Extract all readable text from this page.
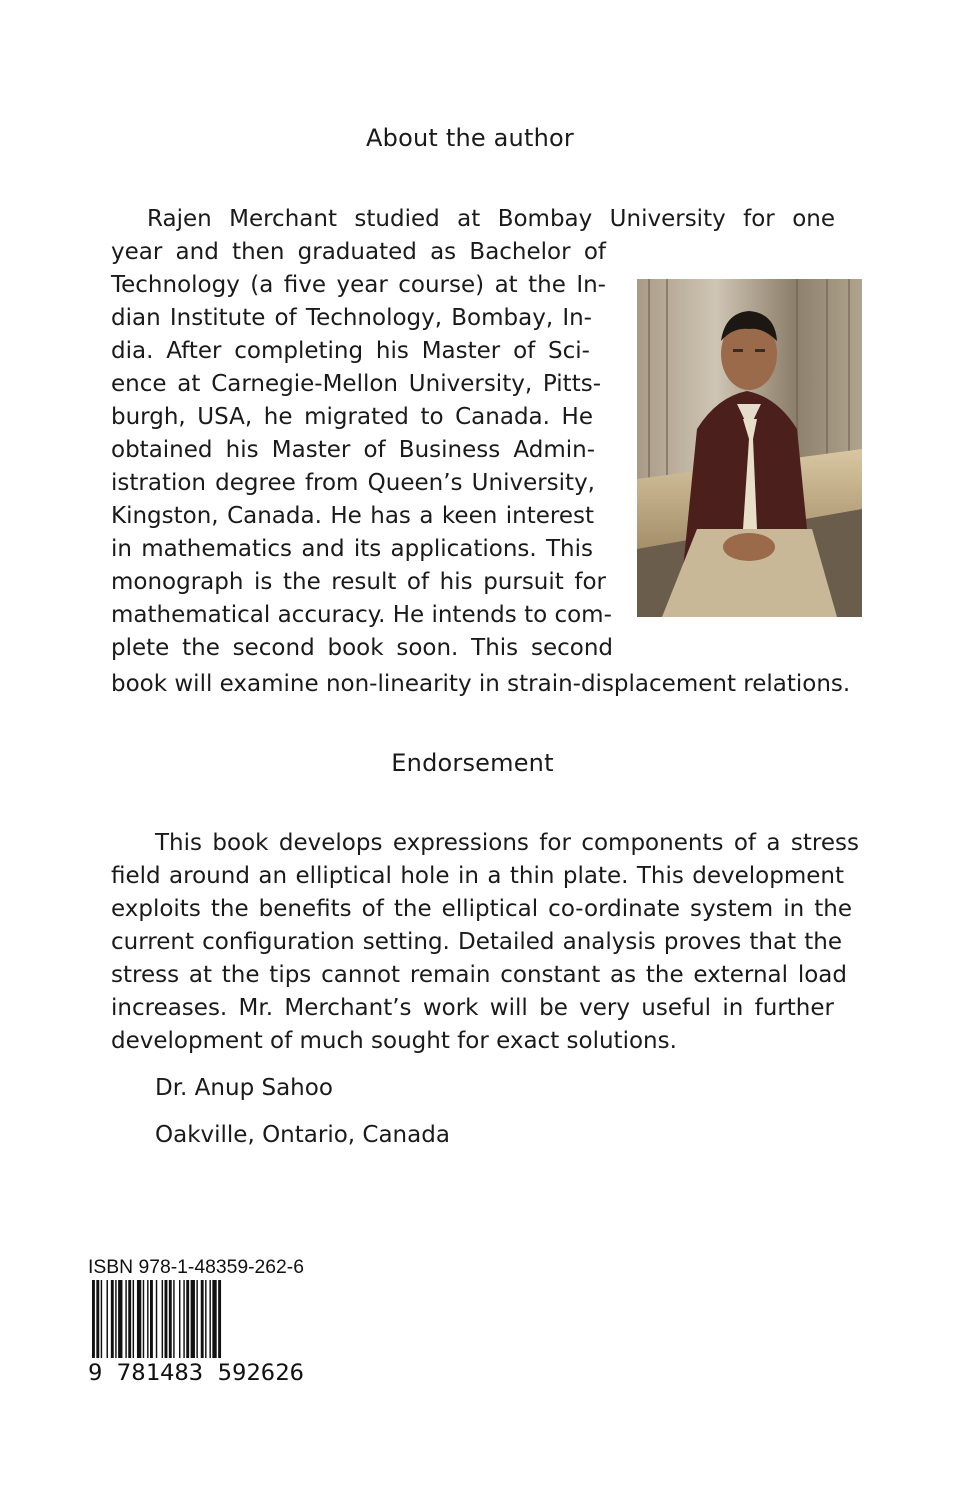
About the author
Rajen Merchant studied at Bombay University for one
year and then graduated as Bachelor of
Technology (a five year course) at the In-
dian Institute of Technology, Bombay, In-
dia. After completing his Master of Sci-
ence at Carnegie-Mellon University, Pitts-
burgh, USA, he migrated to Canada. He
obtained his Master of Business Admin-
istration degree from Queen’s University,
Kingston, Canada. He has a keen interest
in mathematics and its applications. This
monograph is the result of his pursuit for
mathematical accuracy. He intends to com-
plete the second book soon. This second
book will examine non-linearity in strain-displacement relations.
Endorsement
This book develops expressions for components of a stress
field around an elliptical hole in a thin plate. This development
exploits the benefits of the elliptical co-ordinate system in the
current configuration setting. Detailed analysis proves that the
stress at the tips cannot remain constant as the external load
increases. Mr. Merchant’s work will be very useful in further
development of much sought for exact solutions.
Dr. Anup Sahoo
Oakville, Ontario, Canada
ISBN 978-1-48359-262-6
9 781483 592626
